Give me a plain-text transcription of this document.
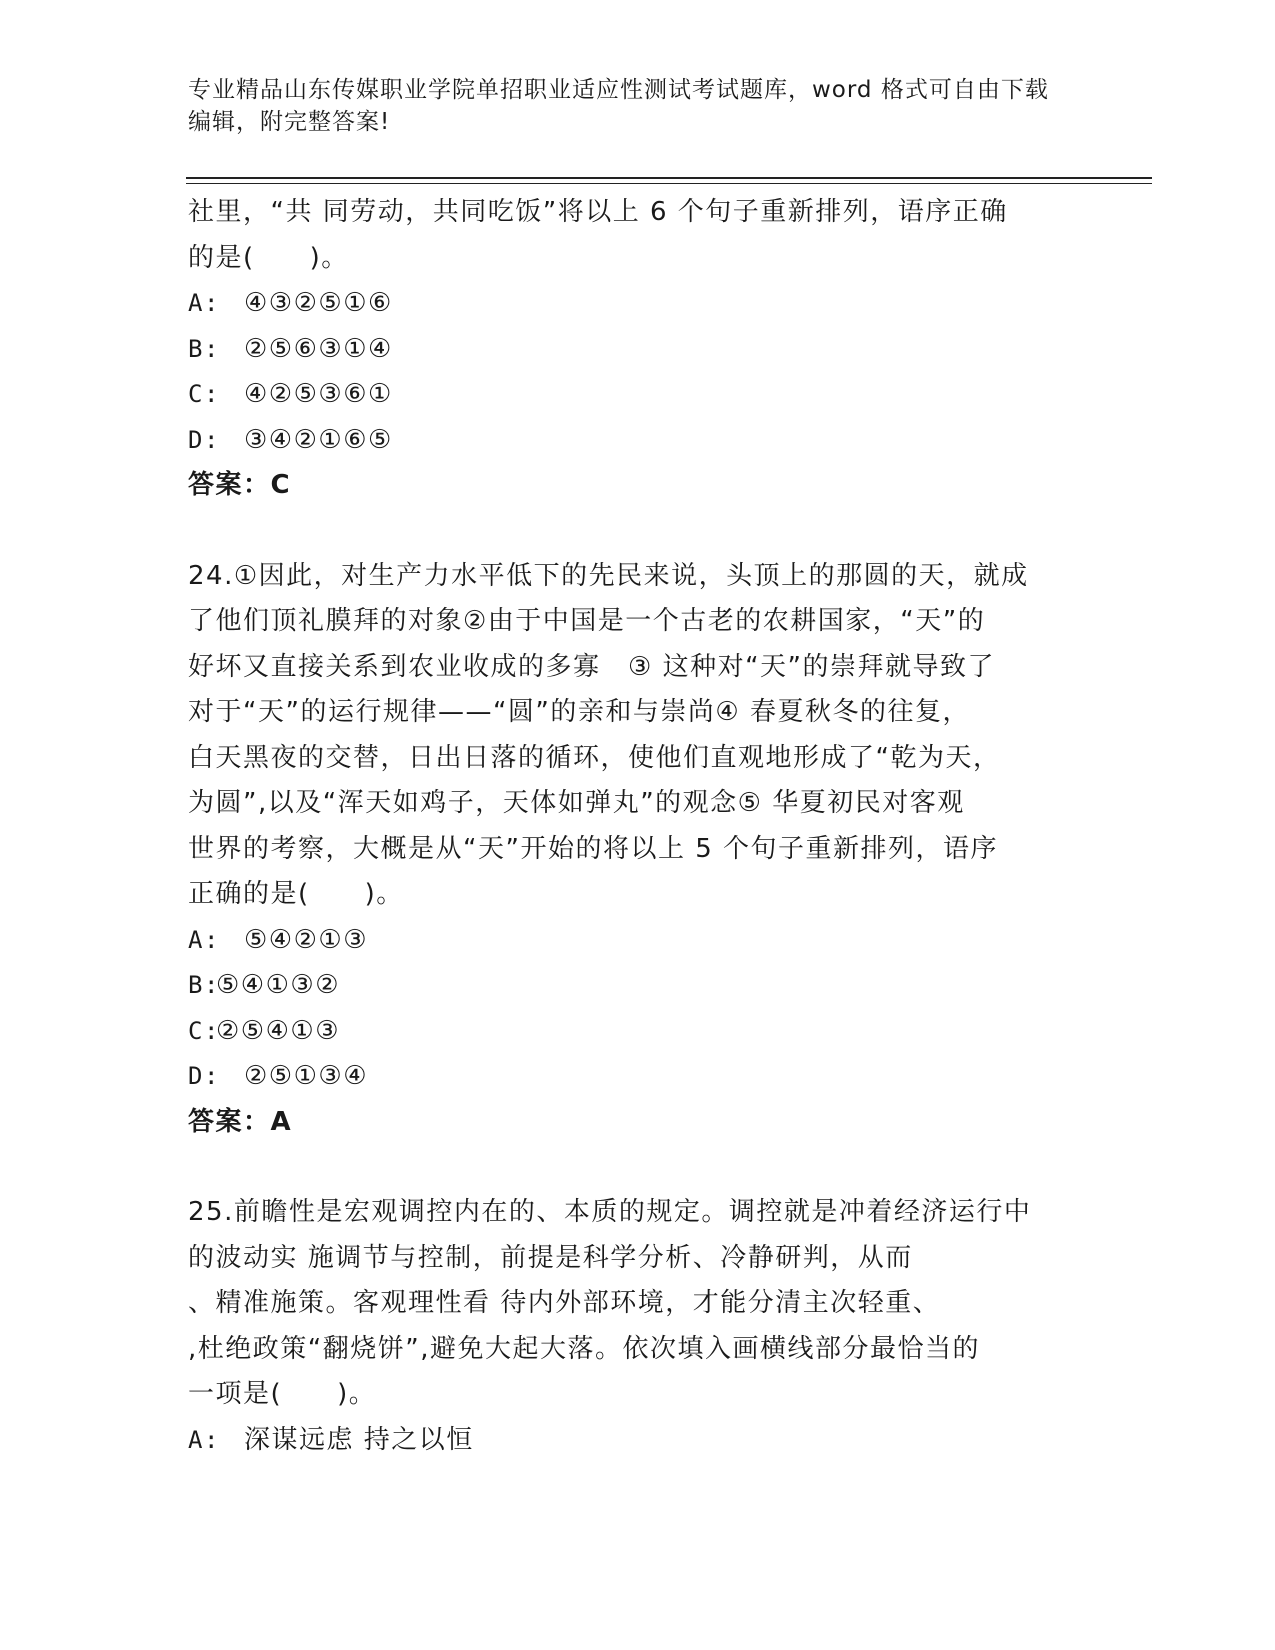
专业精品山东传媒职业学院单招职业适应性测试考试题库，word 格式可自由下载
编辑，附完整答案!
社里，“共 同劳动，共同吃饭”将以上 6 个句子重新排列，语序正确
的是(　　)。
A: ④③②⑤①⑥
B: ②⑤⑥③①④
C: ④②⑤③⑥①
D: ③④②①⑥⑤
答案：C
24.①因此，对生产力水平低下的先民来说，头顶上的那圆的天，就成
了他们顶礼膜拜的对象②由于中国是一个古老的农耕国家，“天”的
好坏又直接关系到农业收成的多寡　③ 这种对“天”的崇拜就导致了
对于“天”的运行规律——“圆”的亲和与崇尚④ 春夏秋冬的往复，
白天黑夜的交替，日出日落的循环，使他们直观地形成了“乾为天，
为圆”,以及“浑天如鸡子，天体如弹丸”的观念⑤ 华夏初民对客观
世界的考察，大概是从“天”开始的将以上 5 个句子重新排列，语序
正确的是(　　)。
A: ⑤④②①③
B:⑤④①③②
C:②⑤④①③
D: ②⑤①③④
答案：A
25.前瞻性是宏观调控内在的、本质的规定。调控就是冲着经济运行中
的波动实 施调节与控制，前提是科学分析、冷静研判，从而
、精准施策。客观理性看 待内外部环境，才能分清主次轻重、
,杜绝政策“翻烧饼”,避免大起大落。依次填入画横线部分最恰当的
一项是(　　)。
A: 深谋远虑 持之以恒
